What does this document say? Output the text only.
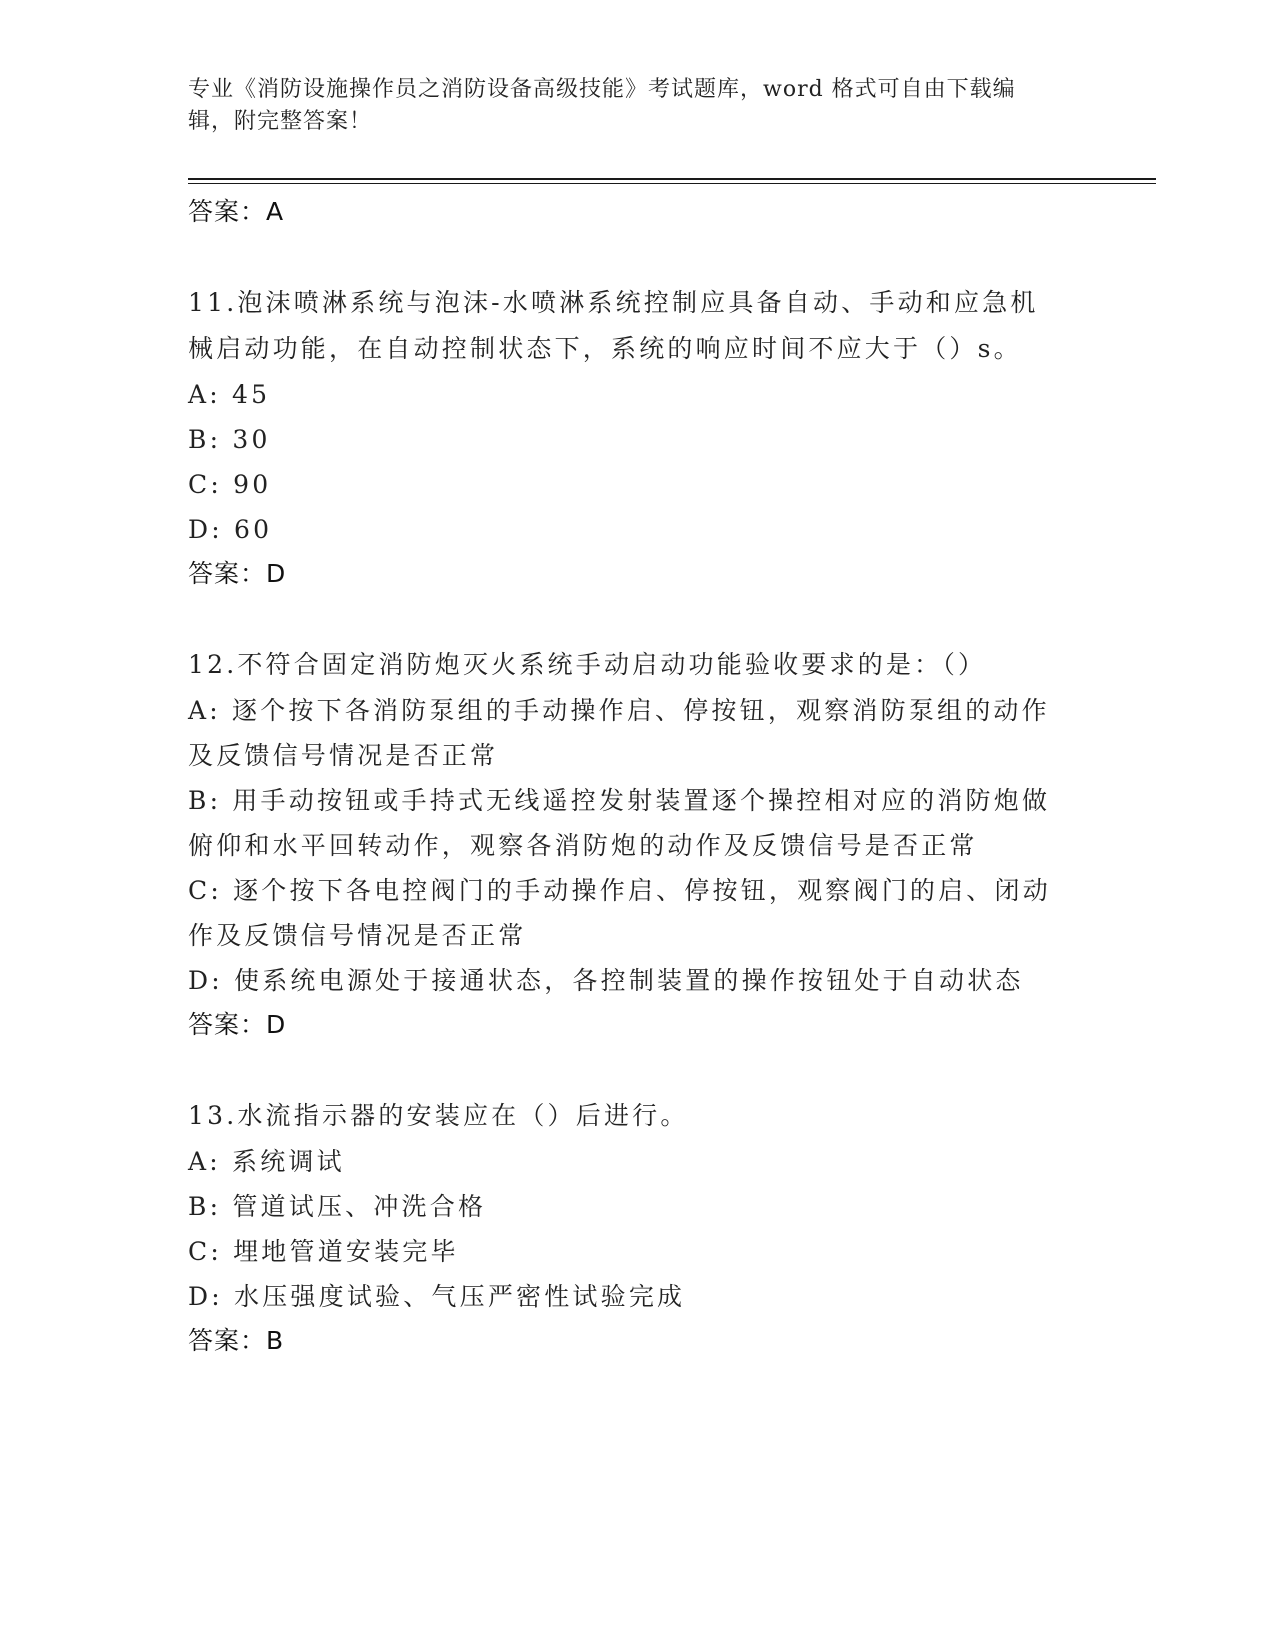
专业《消防设施操作员之消防设备高级技能》考试题库，word 格式可自由下载编
辑，附完整答案！
答案：A
11.泡沫喷淋系统与泡沫-水喷淋系统控制应具备自动、手动和应急机
械启动功能，在自动控制状态下，系统的响应时间不应大于（）s。
A: 45
B: 30
C: 90
D: 60
答案：D
12.不符合固定消防炮灭火系统手动启动功能验收要求的是：（）
A: 逐个按下各消防泵组的手动操作启、停按钮，观察消防泵组的动作
及反馈信号情况是否正常
B: 用手动按钮或手持式无线遥控发射装置逐个操控相对应的消防炮做
俯仰和水平回转动作，观察各消防炮的动作及反馈信号是否正常
C: 逐个按下各电控阀门的手动操作启、停按钮，观察阀门的启、闭动
作及反馈信号情况是否正常
D: 使系统电源处于接通状态，各控制装置的操作按钮处于自动状态
答案：D
13.水流指示器的安装应在（）后进行。
A: 系统调试
B: 管道试压、冲洗合格
C: 埋地管道安装完毕
D: 水压强度试验、气压严密性试验完成
答案：B
